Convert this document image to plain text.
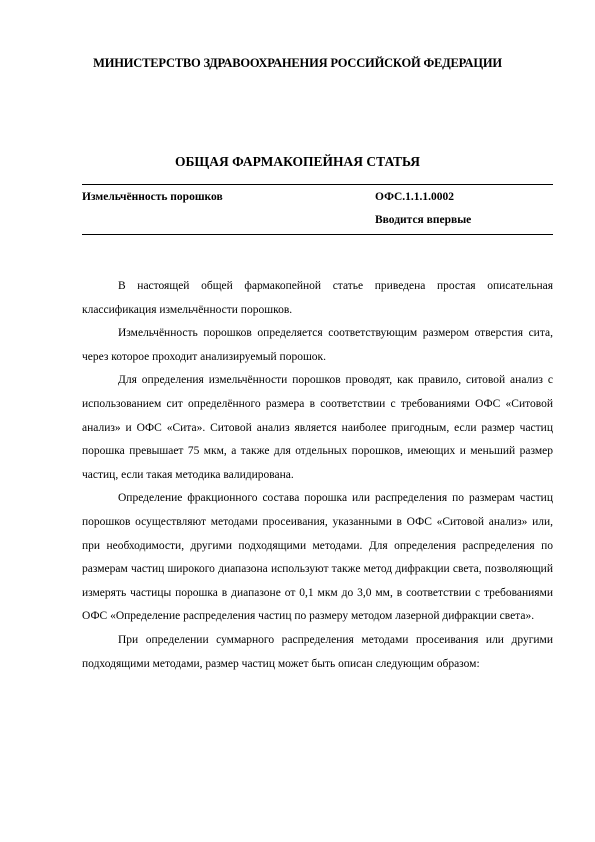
МИНИСТЕРСТВО ЗДРАВООХРАНЕНИЯ РОССИЙСКОЙ ФЕДЕРАЦИИ
ОБЩАЯ ФАРМАКОПЕЙНАЯ СТАТЬЯ
Измельчённость порошков	ОФС.1.1.1.0002
Вводится впервые

В настоящей общей фармакопейной статье приведена простая описательная классификация измельчённости порошков.

Измельчённость порошков определяется соответствующим размером отверстия сита, через которое проходит анализируемый порошок.

Для определения измельчённости порошков проводят, как правило, ситовой анализ с использованием сит определённого размера в соответствии с требованиями ОФС «Ситовой анализ» и ОФС «Сита». Ситовой анализ является наиболее пригодным, если размер частиц порошка превышает 75 мкм, а также для отдельных порошков, имеющих и меньший размер частиц, если такая методика валидирована.

Определение фракционного состава порошка или распределения по размерам частиц порошков осуществляют методами просеивания, указанными в ОФС «Ситовой анализ» или, при необходимости, другими подходящими методами. Для определения распределения по размерам частиц широкого диапазона используют также метод дифракции света, позволяющий измерять частицы порошка в диапазоне от 0,1 мкм до 3,0 мм, в соответствии с требованиями ОФС «Определение распределения частиц по размеру методом лазерной дифракции света».

При определении суммарного распределения методами просеивания или другими подходящими методами, размер частиц может быть описан следующим образом:
